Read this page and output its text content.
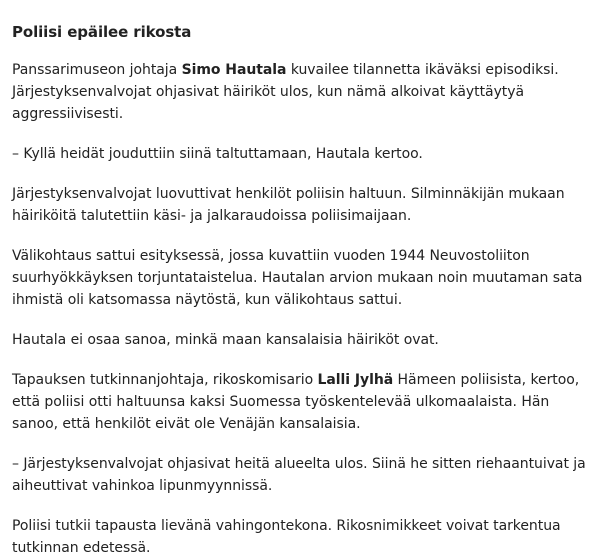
Poliisi epäilee rikosta

Panssarimuseon johtaja Simo Hautala kuvailee tilannetta ikäväksi episodiksi. Järjestyksenvalvojat ohjasivat häiriköt ulos, kun nämä alkoivat käyttäytyä aggressiivisesti.

– Kyllä heidät jouduttiin siinä taltuttamaan, Hautala kertoo.

Järjestyksenvalvojat luovuttivat henkilöt poliisin haltuun. Silminnäkijän mukaan häiriköitä talutettiin käsi- ja jalkaraudoissa poliisimaijaan.

Välikohtaus sattui esityksessä, jossa kuvattiin vuoden 1944 Neuvostoliiton suurhyökkäyksen torjuntataistelua. Hautalan arvion mukaan noin muutaman sata ihmistä oli katsomassa näytöstä, kun välikohtaus sattui.

Hautala ei osaa sanoa, minkä maan kansalaisia häiriköt ovat.

Tapauksen tutkinnanjohtaja, rikoskomisario Lalli Jylhä Hämeen poliisista, kertoo, että poliisi otti haltuunsa kaksi Suomessa työskentelevää ulkomaalaista. Hän sanoo, että henkilöt eivät ole Venäjän kansalaisia.

– Järjestyksenvalvojat ohjasivat heitä alueelta ulos. Siinä he sitten riehaantuivat ja aiheuttivat vahinkoa lipunmyynnissä.

Poliisi tutkii tapausta lievänä vahingontekona. Rikosnimikkeet voivat tarkentua tutkinnan edetessä.
